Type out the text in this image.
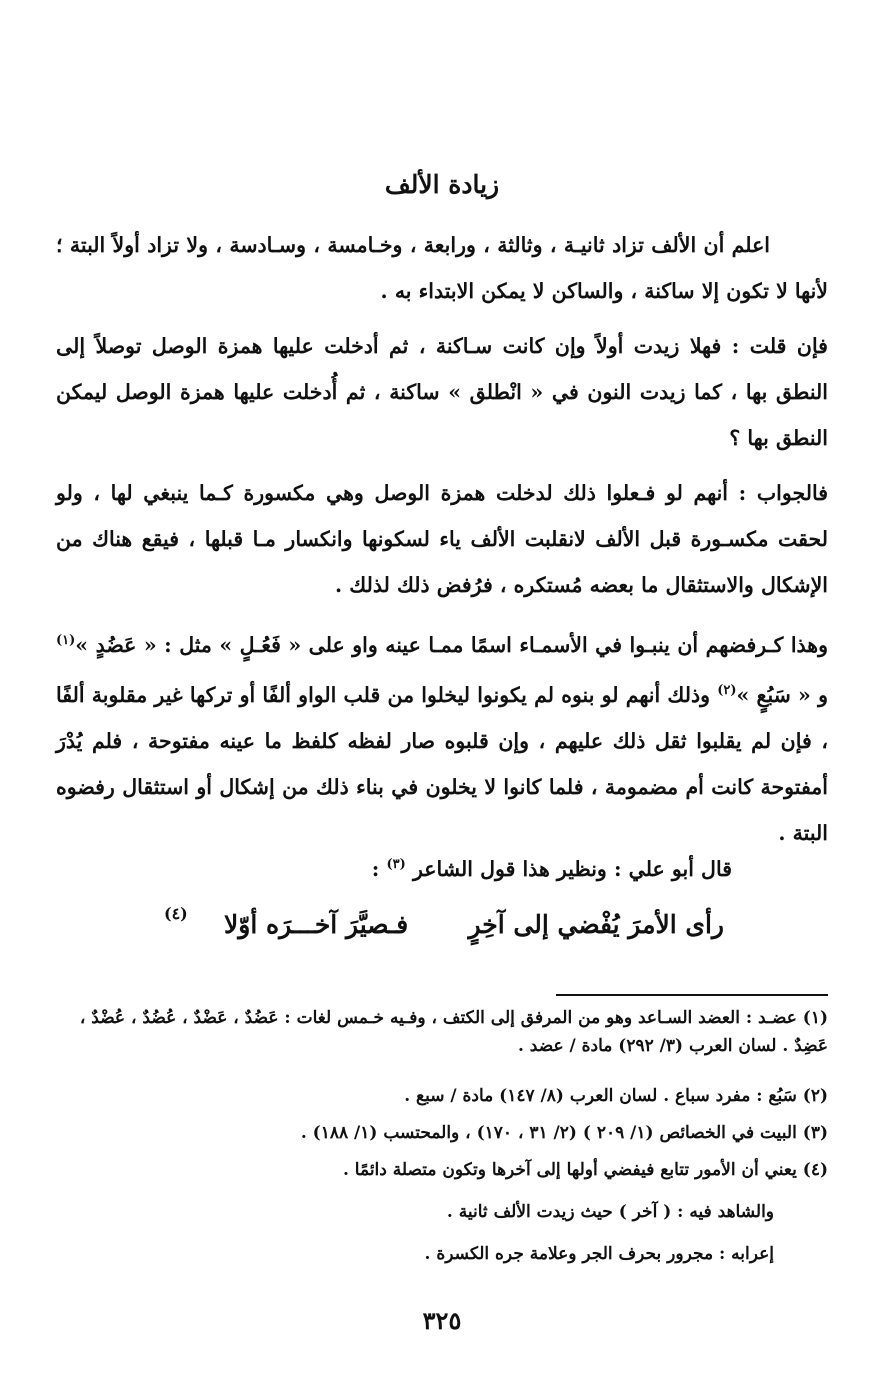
زيادة الألف

اعلم أن الألف تزاد ثانيـة ، وثالثة ، ورابعة ، وخـامسة ، وسـادسة ، ولا تزاد أولاً البتة ؛ لأنها لا تكون إلا ساكنة ، والساكن لا يمكن الابتداء به .

فإن قلت : فهلا زيدت أولاً وإن كانت سـاكنة ، ثم أدخلت عليها همزة الوصل توصلاً إلى النطق بها ، كما زيدت النون في « انْطلق » ساكنة ، ثم أُدخلت عليها همزة الوصل ليمكن النطق بها ؟

فالجواب : أنهم لو فـعلوا ذلك لدخلت همزة الوصل وهي مكسورة كـما ينبغي لها ، ولو لحقت مكسـورة قبل الألف لانقلبت الألف ياء لسكونها وانكسار مـا قبلها ، فيقع هناك من الإشكال والاستثقال ما بعضه مُستكره ، فرُفض ذلك لذلك .

وهذا كـرفضهم أن ينبـوا في الأسمـاء اسمًا ممـا عينه واو على « فَعُـلٍ » مثل : « عَضُدٍ »$^{(١)}$ و « سَبُعٍ »$^{(٢)}$ وذلك أنهم لو بنوه لم يكونوا ليخلوا من قلب الواو ألفًا أو تركها غير مقلوبة ألفًا ، فإن لم يقلبوا ثقل ذلك عليهم ، وإن قلبوه صار لفظه كلفظ ما عينه مفتوحة ، فلم يُدْرَ أمفتوحة كانت أم مضمومة ، فلما كانوا لا يخلون في بناء ذلك من إشكال أو استثقال رفضوه البتة .

قال أبو علي : ونظير هذا قول الشاعر $^{(٣)}$ :
رأى الأمرَ يُفْضي إلى آخِرٍ
فـصيَّرَ آخـــرَه أوّلا
(٤)

(١) عضـد : العضد السـاعد وهو من المرفق إلى الكتف ، وفـيه خـمس لغات : عَضُدٌ ، عَضْدٌ ، عُضُدٌ ، عُضْدٌ ، عَضِدٌ . لسان العرب (٣/ ٢٩٢) مادة / عضد .

(٢) سَبُع : مفرد سباع . لسان العرب (٨/ ١٤٧) مادة / سبع .

(٣) البيت في الخصائص (١/ ٢٠٩ ) (٢/ ٣١ ، ١٧٠) ، والمحتسب (١/ ١٨٨) .

(٤) يعني أن الأمور تتابع فيفضي أولها إلى آخرها وتكون متصلة دائمًا .

والشاهد فيه : ( آخر ) حيث زيدت الألف ثانية .

إعرابه : مجرور بحرف الجر وعلامة جره الكسرة .

٣٢٥
